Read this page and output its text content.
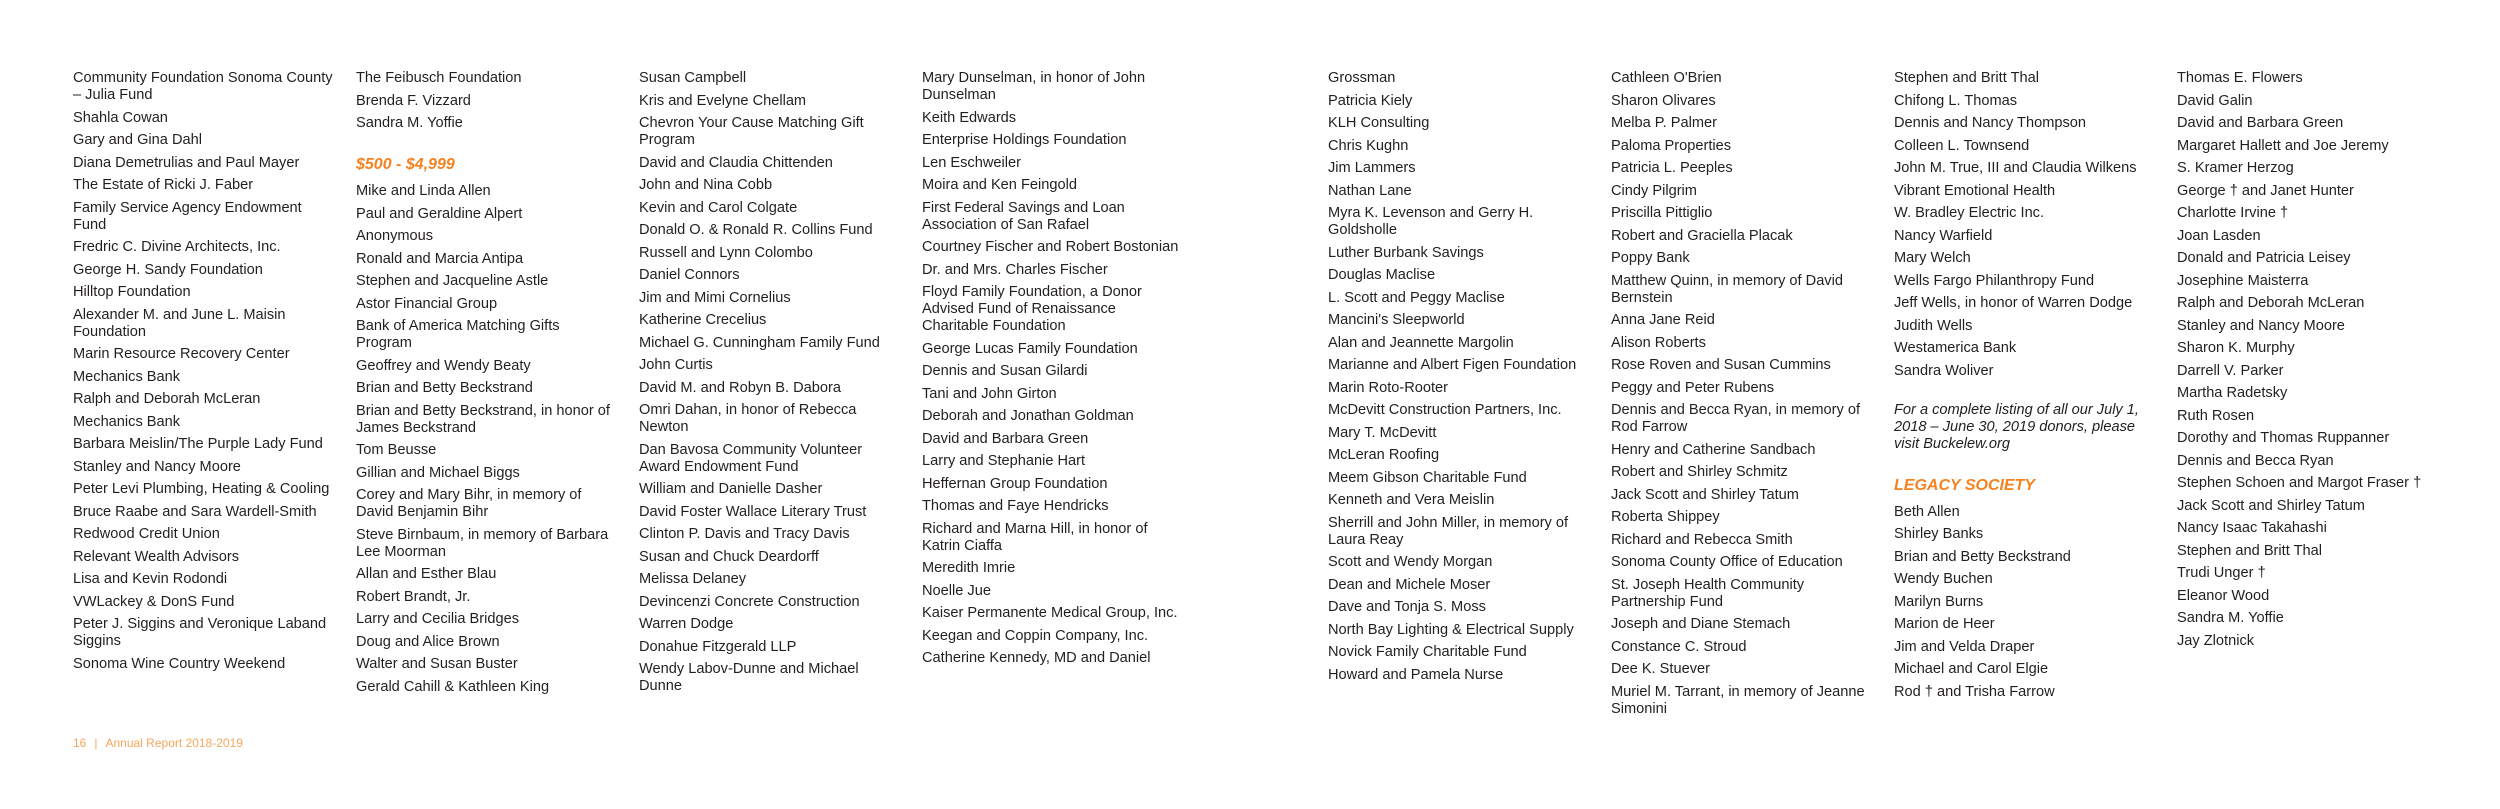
Community Foundation Sonoma County – Julia Fund
Shahla Cowan
Gary and Gina Dahl
Diana Demetrulias and Paul Mayer
The Estate of Ricki J. Faber
Family Service Agency Endowment Fund
Fredric C. Divine Architects, Inc.
George H. Sandy Foundation
Hilltop Foundation
Alexander M. and June L. Maisin Foundation
Marin Resource Recovery Center
Mechanics Bank
Ralph and Deborah McLeran
Mechanics Bank
Barbara Meislin/The Purple Lady Fund
Stanley and Nancy Moore
Peter Levi Plumbing, Heating & Cooling
Bruce Raabe and Sara Wardell-Smith
Redwood Credit Union
Relevant Wealth Advisors
Lisa and Kevin Rodondi
VWLackey & DonS Fund
Peter J. Siggins and Veronique Laband Siggins
Sonoma Wine Country Weekend
The Feibusch Foundation
Brenda F. Vizzard
Sandra M. Yoffie
$500 - $4,999
Mike and Linda Allen
Paul and Geraldine Alpert
Anonymous
Ronald and Marcia Antipa
Stephen and Jacqueline Astle
Astor Financial Group
Bank of America Matching Gifts Program
Geoffrey and Wendy Beaty
Brian and Betty Beckstrand
Brian and Betty Beckstrand, in honor of James Beckstrand
Tom Beusse
Gillian and Michael Biggs
Corey and Mary Bihr, in memory of David Benjamin Bihr
Steve Birnbaum, in memory of Barbara Lee Moorman
Allan and Esther Blau
Robert Brandt, Jr.
Larry and Cecilia Bridges
Doug and Alice Brown
Walter and Susan Buster
Gerald Cahill & Kathleen King
Susan Campbell
Kris and Evelyne Chellam
Chevron Your Cause Matching Gift Program
David and Claudia Chittenden
John and Nina Cobb
Kevin and Carol Colgate
Donald O. & Ronald R. Collins Fund
Russell and Lynn Colombo
Daniel Connors
Jim and Mimi Cornelius
Katherine Crecelius
Michael G. Cunningham Family Fund
John Curtis
David M. and Robyn B. Dabora
Omri Dahan, in honor of Rebecca Newton
Dan Bavosa Community Volunteer Award Endowment Fund
William and Danielle Dasher
David Foster Wallace Literary Trust
Clinton P. Davis and Tracy Davis
Susan and Chuck Deardorff
Melissa Delaney
Devincenzi Concrete Construction
Warren Dodge
Donahue Fitzgerald LLP
Wendy Labov-Dunne and Michael Dunne
Mary Dunselman, in honor of John Dunselman
Keith Edwards
Enterprise Holdings Foundation
Len Eschweiler
Moira and Ken Feingold
First Federal Savings and Loan Association of San Rafael
Courtney Fischer and Robert Bostonian
Dr. and Mrs. Charles Fischer
Floyd Family Foundation, a Donor Advised Fund of Renaissance Charitable Foundation
George Lucas Family Foundation
Dennis and Susan Gilardi
Tani and John Girton
Deborah and Jonathan Goldman
David and Barbara Green
Larry and Stephanie Hart
Heffernan Group Foundation
Thomas and Faye Hendricks
Richard and Marna Hill, in honor of Katrin Ciaffa
Meredith Imrie
Noelle Jue
Kaiser Permanente Medical Group, Inc.
Keegan and Coppin Company, Inc.
Catherine Kennedy, MD and Daniel
Grossman
Patricia Kiely
KLH Consulting
Chris Kughn
Jim Lammers
Nathan Lane
Myra K. Levenson and Gerry H. Goldsholle
Luther Burbank Savings
Douglas Maclise
L. Scott and Peggy Maclise
Mancini's Sleepworld
Alan and Jeannette Margolin
Marianne and Albert Figen Foundation
Marin Roto-Rooter
McDevitt Construction Partners, Inc.
Mary T. McDevitt
McLeran Roofing
Meem Gibson Charitable Fund
Kenneth and Vera Meislin
Sherrill and John Miller, in memory of Laura Reay
Scott and Wendy Morgan
Dean and Michele Moser
Dave and Tonja S. Moss
North Bay Lighting & Electrical Supply
Novick Family Charitable Fund
Howard and Pamela Nurse
Cathleen O'Brien
Sharon Olivares
Melba P. Palmer
Paloma Properties
Patricia L. Peeples
Cindy Pilgrim
Priscilla Pittiglio
Robert and Graciella Placak
Poppy Bank
Matthew Quinn, in memory of David Bernstein
Anna Jane Reid
Alison Roberts
Rose Roven and Susan Cummins
Peggy and Peter Rubens
Dennis and Becca Ryan, in memory of Rod Farrow
Henry and Catherine Sandbach
Robert and Shirley Schmitz
Jack Scott and Shirley Tatum
Roberta Shippey
Richard and Rebecca Smith
Sonoma County Office of Education
St. Joseph Health Community Partnership Fund
Joseph and Diane Stemach
Constance C. Stroud
Dee K. Stuever
Muriel M. Tarrant, in memory of Jeanne Simonini
Stephen and Britt Thal
Chifong L. Thomas
Dennis and Nancy Thompson
Colleen L. Townsend
John M. True, III and Claudia Wilkens
Vibrant Emotional Health
W. Bradley Electric Inc.
Nancy Warfield
Mary Welch
Wells Fargo Philanthropy Fund
Jeff Wells, in honor of Warren Dodge
Judith Wells
Westamerica Bank
Sandra Woliver
For a complete listing of all our July 1, 2018 – June 30, 2019 donors, please visit Buckelew.org
LEGACY SOCIETY
Beth Allen
Shirley Banks
Brian and Betty Beckstrand
Wendy Buchen
Marilyn Burns
Marion de Heer
Jim and Velda Draper
Michael and Carol Elgie
Rod † and Trisha Farrow
Thomas E. Flowers
David Galin
David and Barbara Green
Margaret Hallett and Joe Jeremy
S. Kramer Herzog
George † and Janet Hunter
Charlotte Irvine †
Joan Lasden
Donald and Patricia Leisey
Josephine Maisterra
Ralph and Deborah McLeran
Stanley and Nancy Moore
Sharon K. Murphy
Darrell V. Parker
Martha Radetsky
Ruth Rosen
Dorothy and Thomas Ruppanner
Dennis and Becca Ryan
Stephen Schoen and Margot Fraser †
Jack Scott and Shirley Tatum
Nancy Isaac Takahashi
Stephen and Britt Thal
Trudi Unger †
Eleanor Wood
Sandra M. Yoffie
Jay Zlotnick
16 | Annual Report 2018-2019
